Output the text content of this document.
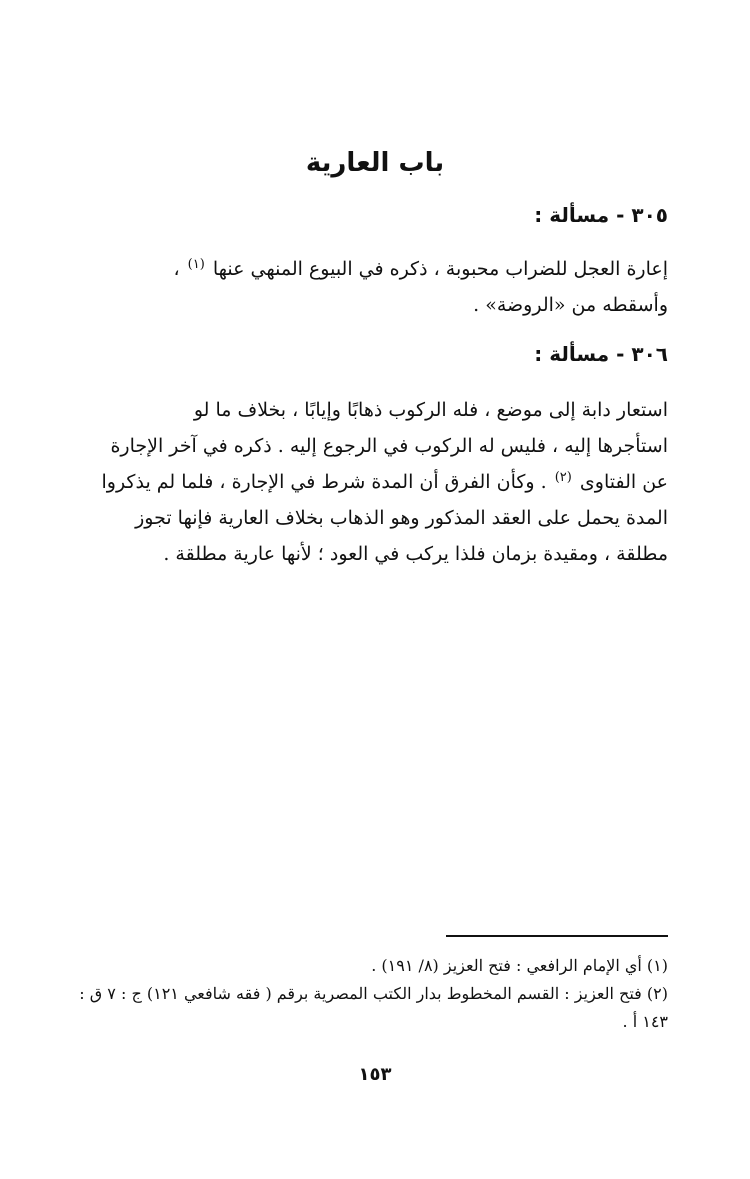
باب العارية
٣٠٥ - مسألة :
إعارة العجل للضراب محبوبة ، ذكره في البيوع المنهي عنها $^{(١)}$ ،
وأسقطه من «الروضة» .
٣٠٦ - مسألة :
استعار دابة إلى موضع ، فله الركوب ذهابًا وإيابًا ، بخلاف ما لو
استأجرها إليه ، فليس له الركوب في الرجوع إليه . ذكره في آخر الإجارة
عن الفتاوى $^{(٢)}$ . وكأن الفرق أن المدة شرط في الإجارة ، فلما لم يذكروا
المدة يحمل على العقد المذكور وهو الذهاب بخلاف العارية فإنها تجوز
مطلقة ، ومقيدة بزمان فلذا يركب في العود ؛ لأنها عارية مطلقة .
(١) أي الإمام الرافعي : فتح العزيز (٨/ ١٩١) .
(٢) فتح العزيز : القسم المخطوط بدار الكتب المصرية برقم ( فقه شافعي ١٢١) ج : ٧ ق :
١٤٣ أ .
١٥٣
